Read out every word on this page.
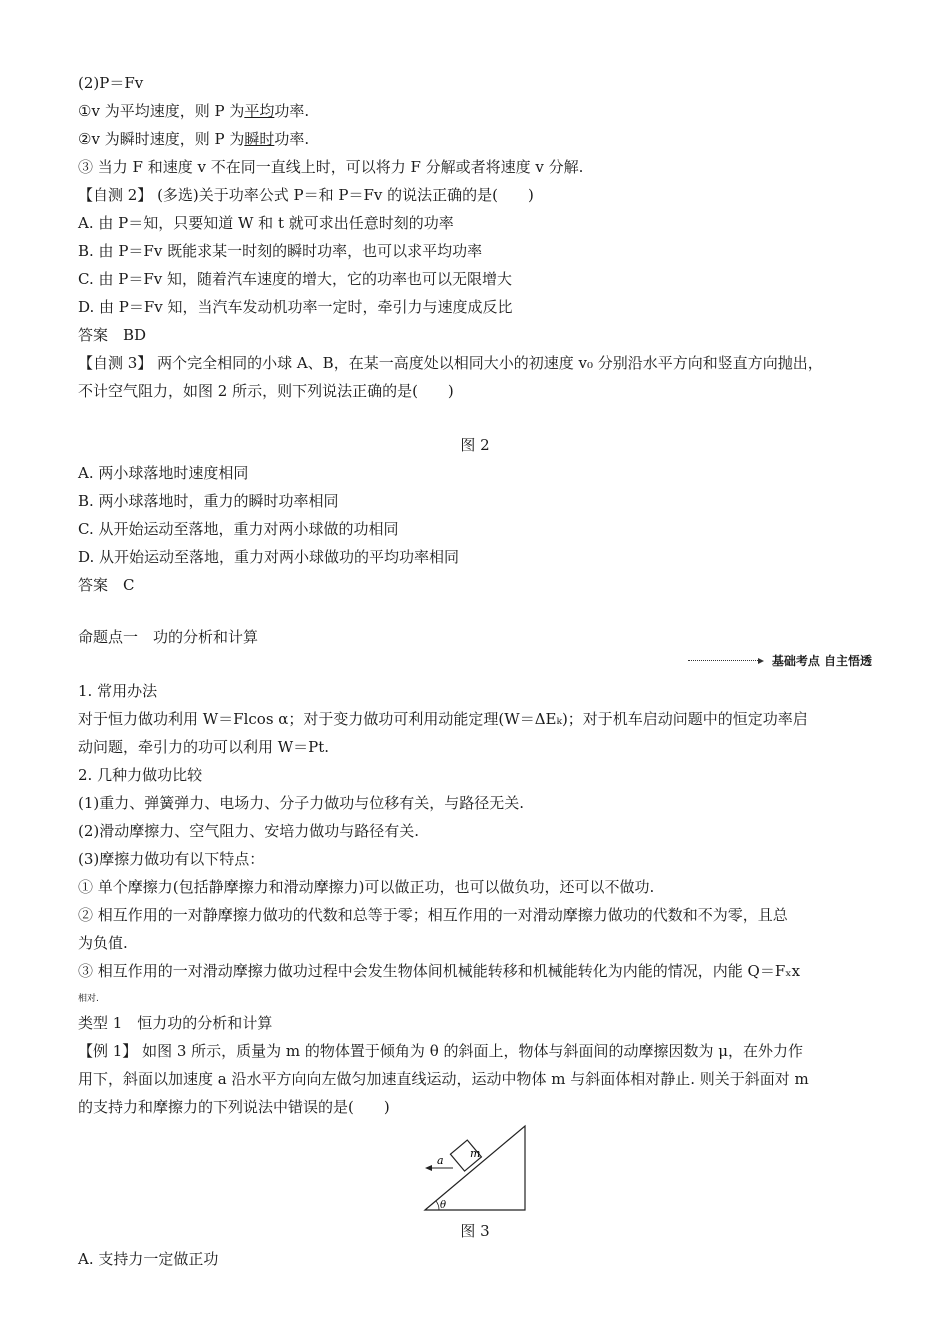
(2)P＝Fv
①v 为平均速度，则 P 为平均功率.
②v 为瞬时速度，则 P 为瞬时功率.
③ 当力 F 和速度 v 不在同一直线上时，可以将力 F 分解或者将速度 v 分解.
【自测 2】 (多选)关于功率公式 P＝和 P＝Fv 的说法正确的是(　　)
A. 由 P＝知，只要知道 W 和 t 就可求出任意时刻的功率
B. 由 P＝Fv 既能求某一时刻的瞬时功率，也可以求平均功率
C. 由 P＝Fv 知，随着汽车速度的增大，它的功率也可以无限增大
D. 由 P＝Fv 知，当汽车发动机功率一定时，牵引力与速度成反比
答案　BD
【自测 3】 两个完全相同的小球 A、B，在某一高度处以相同大小的初速度 v₀ 分别沿水平方向和竖直方向抛出，
不计空气阻力，如图 2 所示，则下列说法正确的是(　　)
图 2
A. 两小球落地时速度相同
B. 两小球落地时，重力的瞬时功率相同
C. 从开始运动至落地，重力对两小球做的功相同
D. 从开始运动至落地，重力对两小球做功的平均功率相同
答案　C
命题点一　功的分析和计算
基础考点 自主悟透
1. 常用办法
对于恒力做功利用 W＝Flcos α；对于变力做功可利用动能定理(W＝ΔEₖ)；对于机车启动问题中的恒定功率启
动问题，牵引力的功可以利用 W＝Pt.
2. 几种力做功比较
(1)重力、弹簧弹力、电场力、分子力做功与位移有关，与路径无关.
(2)滑动摩擦力、空气阻力、安培力做功与路径有关.
(3)摩擦力做功有以下特点：
① 单个摩擦力(包括静摩擦力和滑动摩擦力)可以做正功，也可以做负功，还可以不做功.
② 相互作用的一对静摩擦力做功的代数和总等于零；相互作用的一对滑动摩擦力做功的代数和不为零，且总
为负值.
③ 相互作用的一对滑动摩擦力做功过程中会发生物体间机械能转移和机械能转化为内能的情况，内能 Q＝Fₓx
相对.
类型 1　恒力功的分析和计算
【例 1】 如图 3 所示，质量为 m 的物体置于倾角为 θ 的斜面上，物体与斜面间的动摩擦因数为 μ，在外力作
用下，斜面以加速度 a 沿水平方向向左做匀加速直线运动，运动中物体 m 与斜面体相对静止. 则关于斜面对 m
的支持力和摩擦力的下列说法中错误的是(　　)
m
a
θ
图 3
A. 支持力一定做正功
